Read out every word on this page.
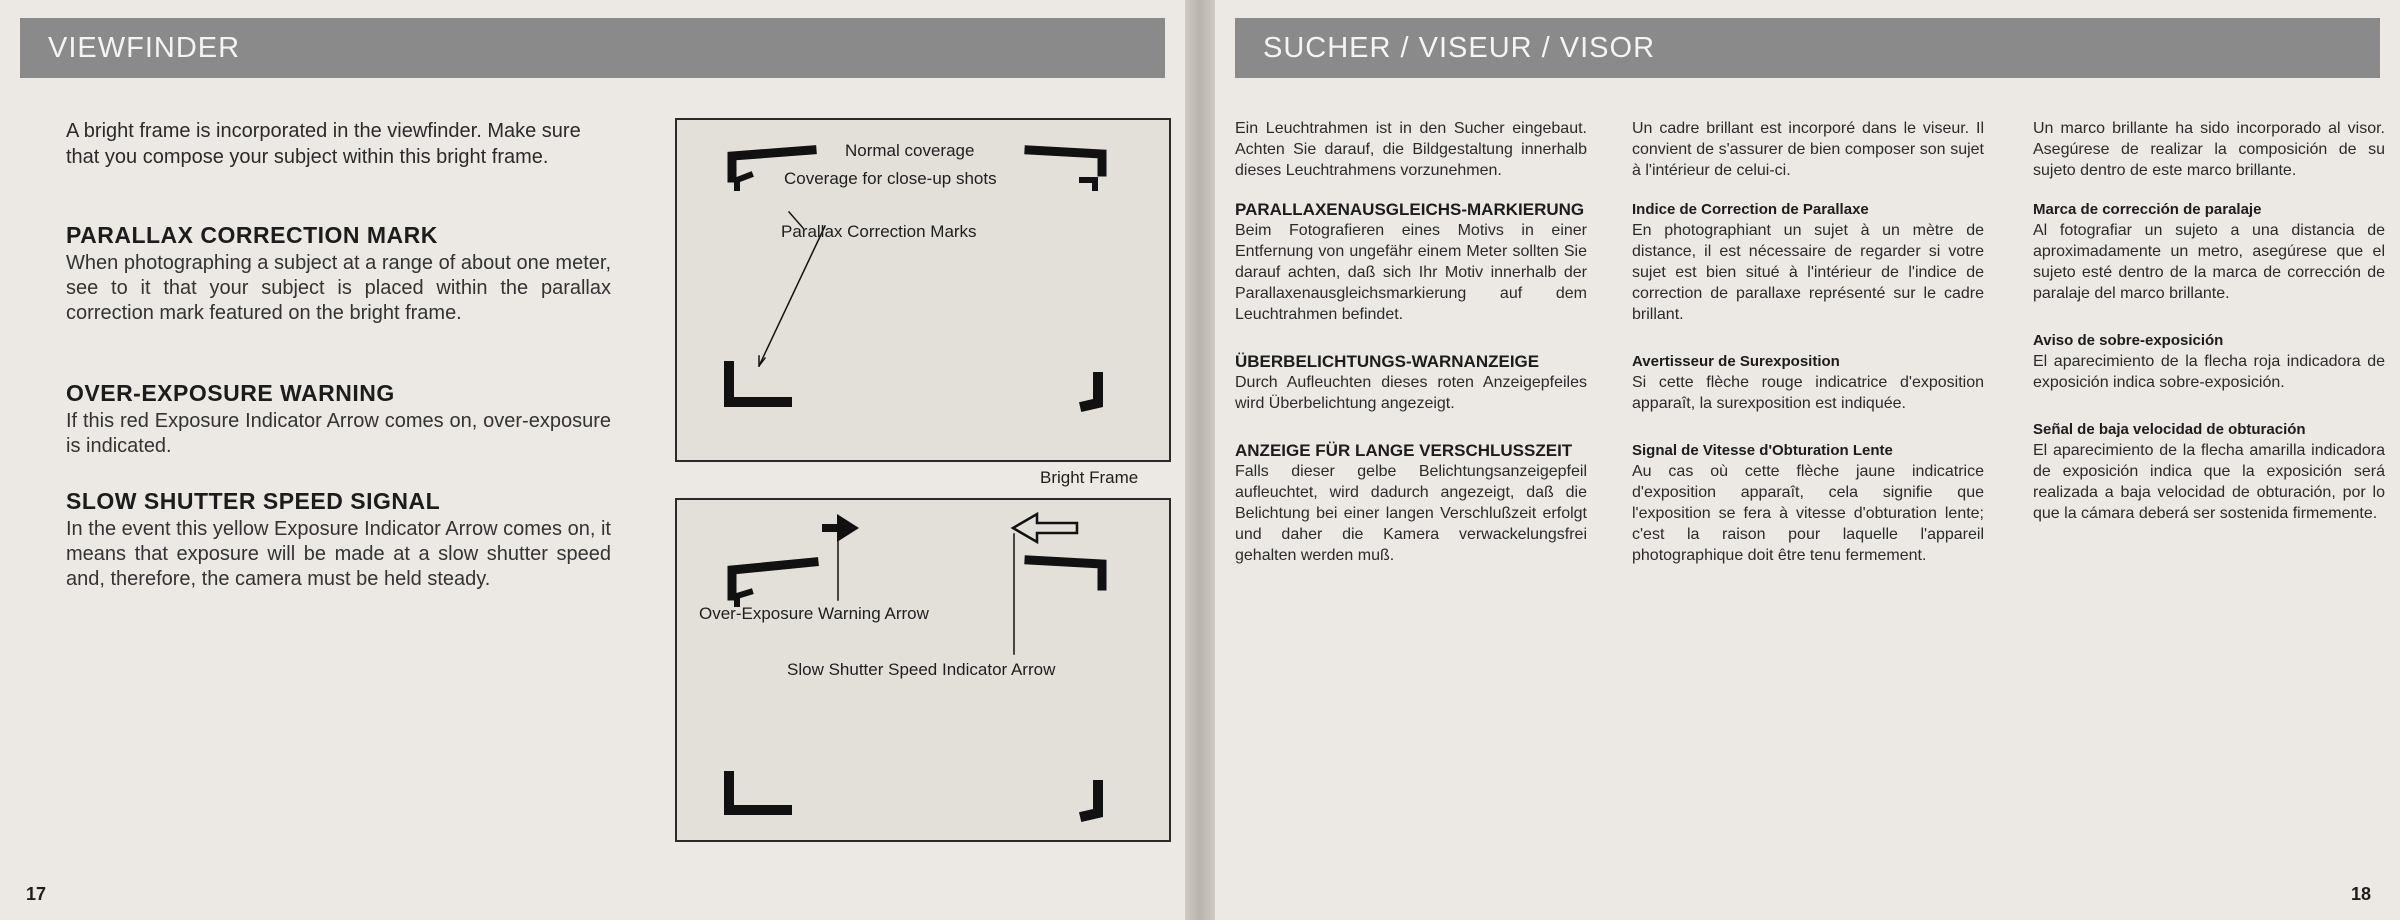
VIEWFINDER
A bright frame is incorporated in the viewfinder. Make sure that you compose your subject within this bright frame.
PARALLAX CORRECTION MARK

When photographing a subject at a range of about one meter, see to it that your subject is placed within the parallax correction mark featured on the bright frame.

OVER-EXPOSURE WARNING

If this red Exposure Indicator Arrow comes on, over-exposure is indicated.

SLOW SHUTTER SPEED SIGNAL

In the event this yellow Exposure Indicator Arrow comes on, it means that exposure will be made at a slow shutter speed and, therefore, the camera must be held steady.

Normal coverage
Coverage for close-up shots
Parallax Correction Marks
Bright Frame
Over-Exposure Warning Arrow
Slow Shutter Speed Indicator Arrow
17
SUCHER / VISEUR / VISOR

Ein Leuchtrahmen ist in den Sucher eingebaut. Achten Sie darauf, die Bildgestaltung innerhalb dieses Leuchtrahmens vorzunehmen.

PARALLAXENAUSGLEICHS-MARKIERUNG

Beim Fotografieren eines Motivs in einer Entfernung von ungefähr einem Meter sollten Sie darauf achten, daß sich Ihr Motiv innerhalb der Parallaxenausgleichsmarkierung auf dem Leuchtrahmen befindet.

ÜBERBELICHTUNGS-WARNANZEIGE

Durch Aufleuchten dieses roten Anzeigepfeiles wird Überbelichtung angezeigt.

ANZEIGE FÜR LANGE VERSCHLUSSZEIT

Falls dieser gelbe Belichtungsanzeigepfeil aufleuchtet, wird dadurch angezeigt, daß die Belichtung bei einer langen Verschlußzeit erfolgt und daher die Kamera verwackelungsfrei gehalten werden muß.

Un cadre brillant est incorporé dans le viseur. Il convient de s'assurer de bien composer son sujet à l'intérieur de celui-ci.

Indice de Correction de Parallaxe

En photographiant un sujet à un mètre de distance, il est nécessaire de regarder si votre sujet est bien situé à l'intérieur de l'indice de correction de parallaxe représenté sur le cadre brillant.

Avertisseur de Surexposition

Si cette flèche rouge indicatrice d'exposition apparaît, la surexposition est indiquée.

Signal de Vitesse d'Obturation Lente

Au cas où cette flèche jaune indicatrice d'exposition apparaît, cela signifie que l'exposition se fera à vitesse d'obturation lente; c'est la raison pour laquelle l'appareil photographique doit être tenu fermement.

Un marco brillante ha sido incorporado al visor. Asegúrese de realizar la composición de su sujeto dentro de este marco brillante.

Marca de corrección de paralaje

Al fotografiar un sujeto a una distancia de aproximadamente un metro, asegúrese que el sujeto esté dentro de la marca de corrección de paralaje del marco brillante.

Aviso de sobre-exposición

El aparecimiento de la flecha roja indicadora de exposición indica sobre-exposición.

Señal de baja velocidad de obturación

El aparecimiento de la flecha amarilla indicadora de exposición indica que la exposición será realizada a baja velocidad de obturación, por lo que la cámara deberá ser sostenida firmemente.

18
